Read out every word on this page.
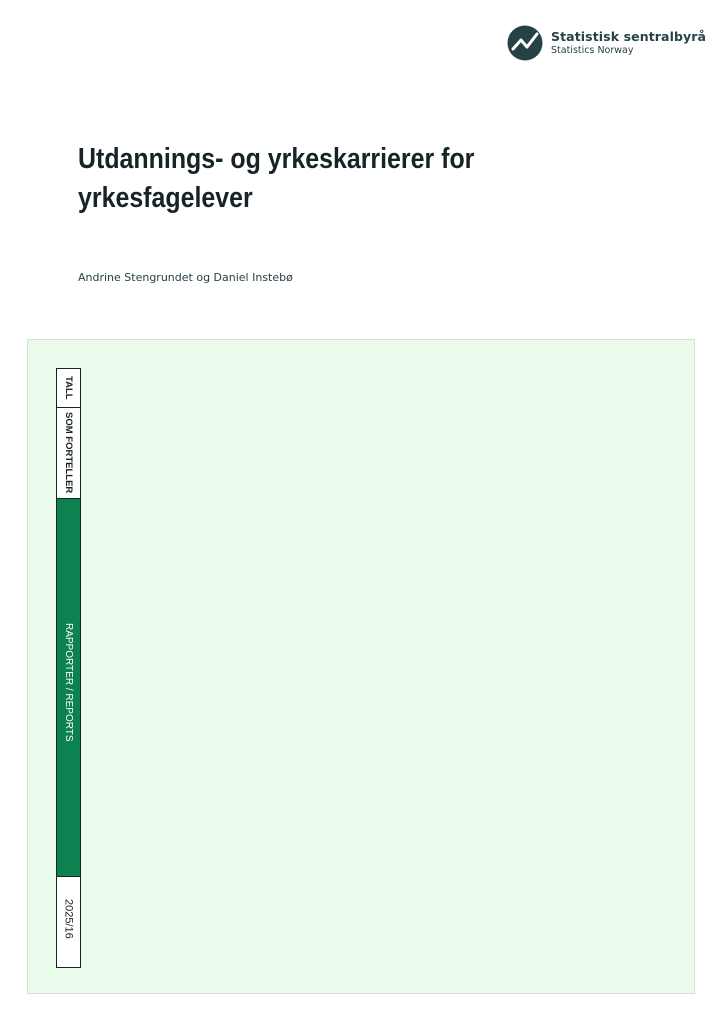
Statistisk sentralbyrå
Statistics Norway
Utdannings- og yrkeskarrierer for yrkesfagelever
Andrine Stengrundet og Daniel Instebø
TALL
SOM FORTELLER
RAPPORTER / REPORTS
2025/16
